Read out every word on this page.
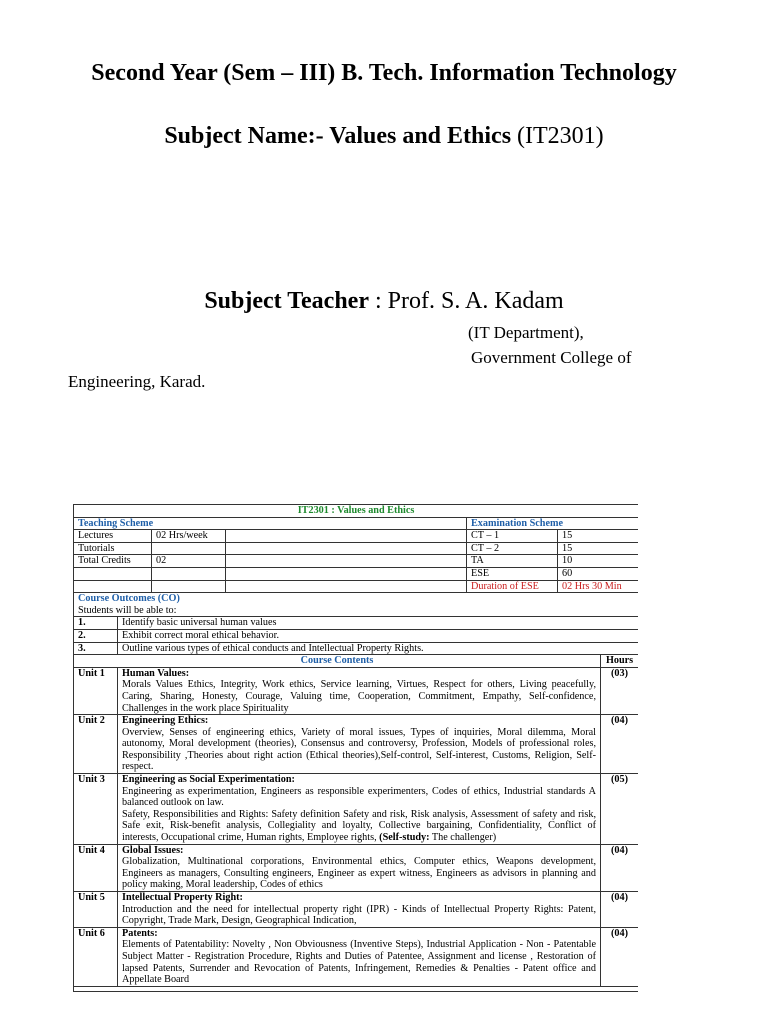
Second Year (Sem – III) B. Tech. Information Technology
Subject Name:- Values and Ethics (IT2301)
Subject Teacher : Prof. S. A. Kadam
(IT Department),
Government College of
Engineering, Karad.
IT2301 : Values and Ethics						
Teaching Scheme				Examination Scheme		
Lectures		02 Hrs/week		CT – 1	15	
Tutorials				CT – 2	15	
Total Credits		02		TA	10	
				ESE	60	
				Duration of ESE	02 Hrs 30 Min	

Course Outcomes (CO)
Students will be able to:						

1.	Identify basic universal human values					
2.	Exhibit correct moral ethical behavior.					
3.	Outline various types of ethical conducts and Intellectual Property Rights.					
Course Contents						Hours
Unit 1	Human Values:
Morals Values Ethics, Integrity, Work ethics, Service learning, Virtues, Respect for others, Living peacefully, Caring, Sharing, Honesty, Courage, Valuing time, Cooperation, Commitment, Empathy, Self-confidence, Challenges in the work place Spirituality					(03)
Unit 2	Engineering Ethics:
Overview, Senses of engineering ethics, Variety of moral issues, Types of inquiries, Moral dilemma, Moral autonomy, Moral development (theories), Consensus and controversy, Profession, Models of professional roles, Responsibility ,Theories about right action (Ethical theories),Self-control, Self-interest, Customs, Religion, Self-respect.					(04)
Unit 3	Engineering as Social Experimentation:
Engineering as experimentation, Engineers as responsible experimenters, Codes of ethics, Industrial standards A balanced outlook on law.
Safety, Responsibilities and Rights: Safety definition Safety and risk, Risk analysis, Assessment of safety and risk, Safe exit, Risk-benefit analysis, Collegiality and loyalty, Collective bargaining, Confidentiality, Conflict of interests, Occupational crime, Human rights, Employee rights, (Self-study: The challenger)					(05)
Unit 4	Global Issues:
Globalization, Multinational corporations, Environmental ethics, Computer ethics, Weapons development, Engineers as managers, Consulting engineers, Engineer as expert witness, Engineers as advisors in planning and policy making, Moral leadership, Codes of ethics					(04)
Unit 5	Intellectual Property Right:
Introduction and the need for intellectual property right (IPR) - Kinds of Intellectual Property Rights: Patent, Copyright, Trade Mark, Design, Geographical Indication,					(04)
Unit 6	Patents:
Elements of Patentability: Novelty , Non Obviousness (Inventive Steps), Industrial Application - Non - Patentable Subject Matter - Registration Procedure, Rights and Duties of Patentee, Assignment and license , Restoration of lapsed Patents, Surrender and Revocation of Patents, Infringement, Remedies & Penalties - Patent office and Appellate Board					(04)
